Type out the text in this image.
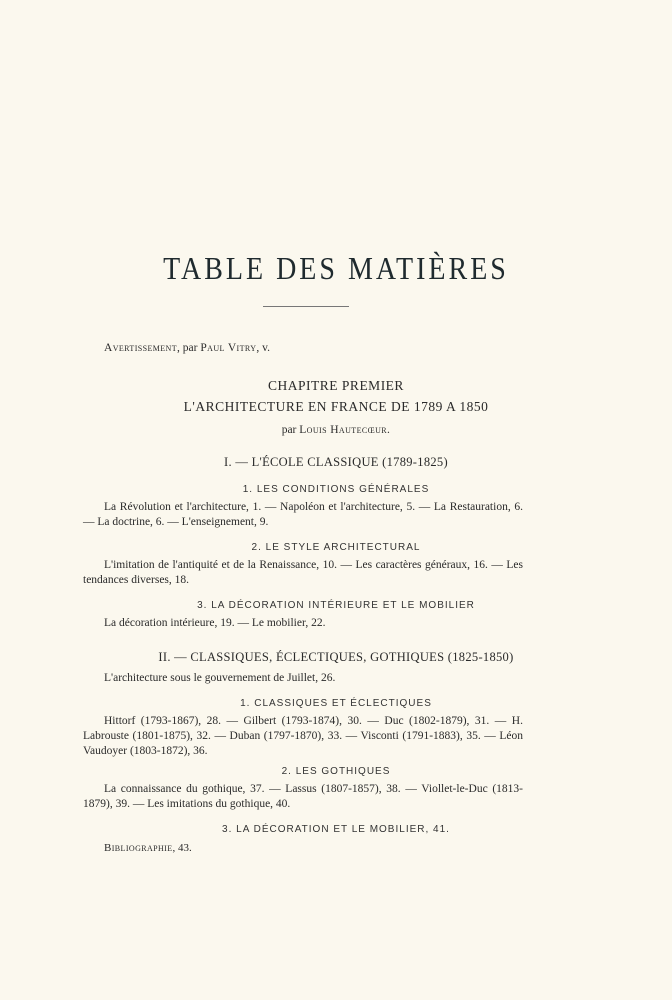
TABLE DES MATIÈRES

Avertissement, par Paul Vitry, v.

CHAPITRE PREMIER

L'ARCHITECTURE EN FRANCE DE 1789 A 1850

par Louis Hautecœur.

I. — L'ÉCOLE CLASSIQUE (1789-1825)

1. LES CONDITIONS GÉNÉRALES

La Révolution et l'architecture, 1. — Napoléon et l'architecture, 5. — La Restauration, 6. — La doctrine, 6. — L'enseignement, 9.

2. LE STYLE ARCHITECTURAL

L'imitation de l'antiquité et de la Renaissance, 10. — Les caractères généraux, 16. — Les tendances diverses, 18.

3. LA DÉCORATION INTÉRIEURE ET LE MOBILIER

La décoration intérieure, 19. — Le mobilier, 22.

II. — CLASSIQUES, ÉCLECTIQUES, GOTHIQUES (1825-1850)

L'architecture sous le gouvernement de Juillet, 26.

1. CLASSIQUES ET ÉCLECTIQUES

Hittorf (1793-1867), 28. — Gilbert (1793-1874), 30. — Duc (1802-1879), 31. — H. Labrouste (1801-1875), 32. — Duban (1797-1870), 33. — Visconti (1791-1883), 35. — Léon Vaudoyer (1803-1872), 36.

2. LES GOTHIQUES

La connaissance du gothique, 37. — Lassus (1807-1857), 38. — Viollet-le-Duc (1813-1879), 39. — Les imitations du gothique, 40.

3. LA DÉCORATION ET LE MOBILIER, 41.

Bibliographie, 43.
